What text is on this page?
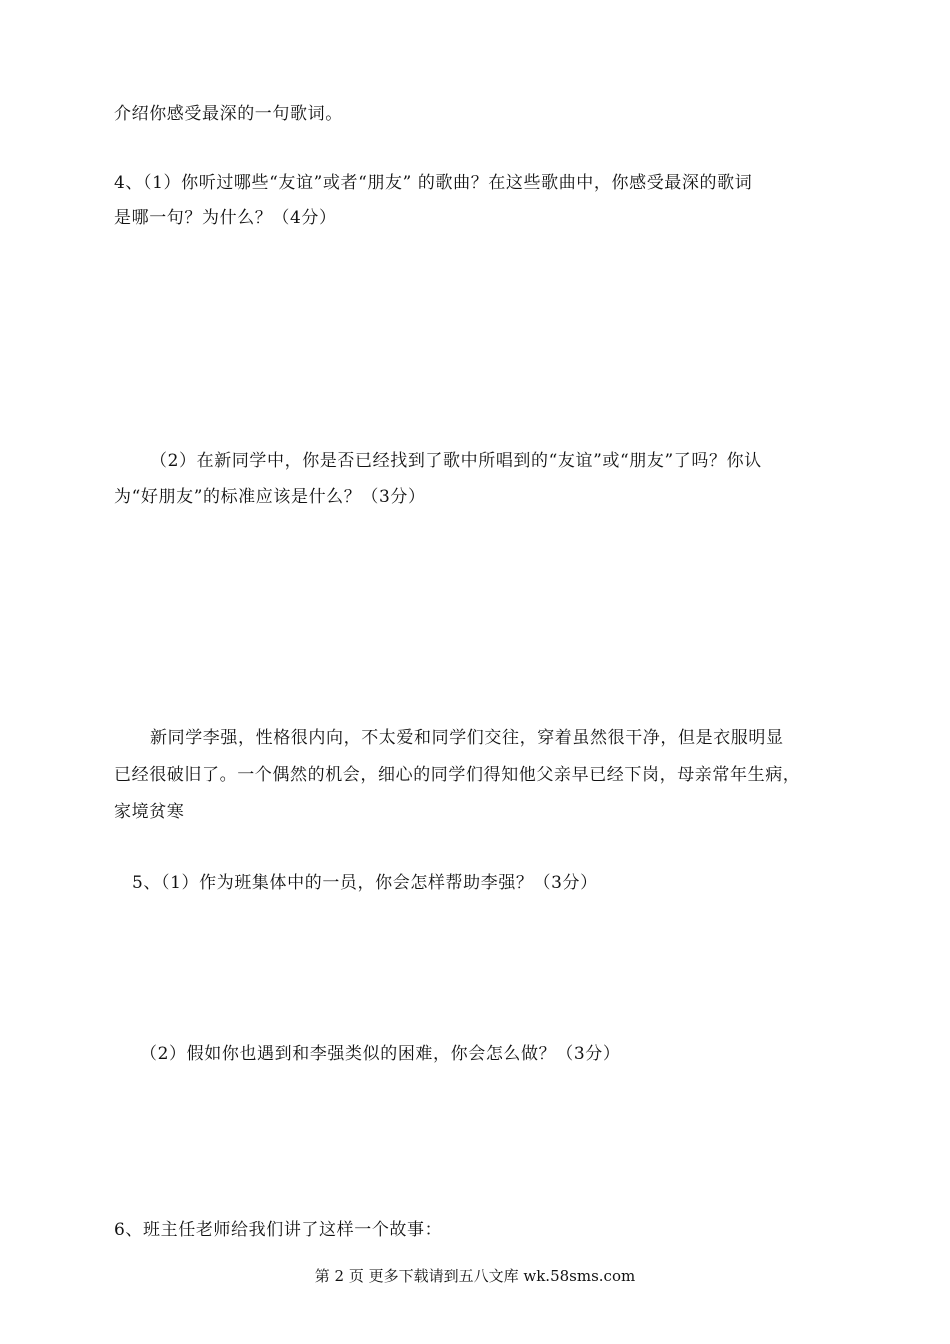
介绍你感受最深的一句歌词。
4、（1）你听过哪些“友谊”或者“朋友” 的歌曲？在这些歌曲中，你感受最深的歌词
是哪一句？为什么？（4分）
（2）在新同学中，你是否已经找到了歌中所唱到的“友谊”或“朋友”了吗？你认
为“好朋友”的标准应该是什么？（3分）
新同学李强，性格很内向，不太爱和同学们交往，穿着虽然很干净，但是衣服明显
已经很破旧了。一个偶然的机会，细心的同学们得知他父亲早已经下岗，母亲常年生病，
家境贫寒
5、（1）作为班集体中的一员，你会怎样帮助李强？（3分）
（2）假如你也遇到和李强类似的困难，你会怎么做？（3分）
6、班主任老师给我们讲了这样一个故事：
第 2 页 更多下载请到五八文库 wk.58sms.com
